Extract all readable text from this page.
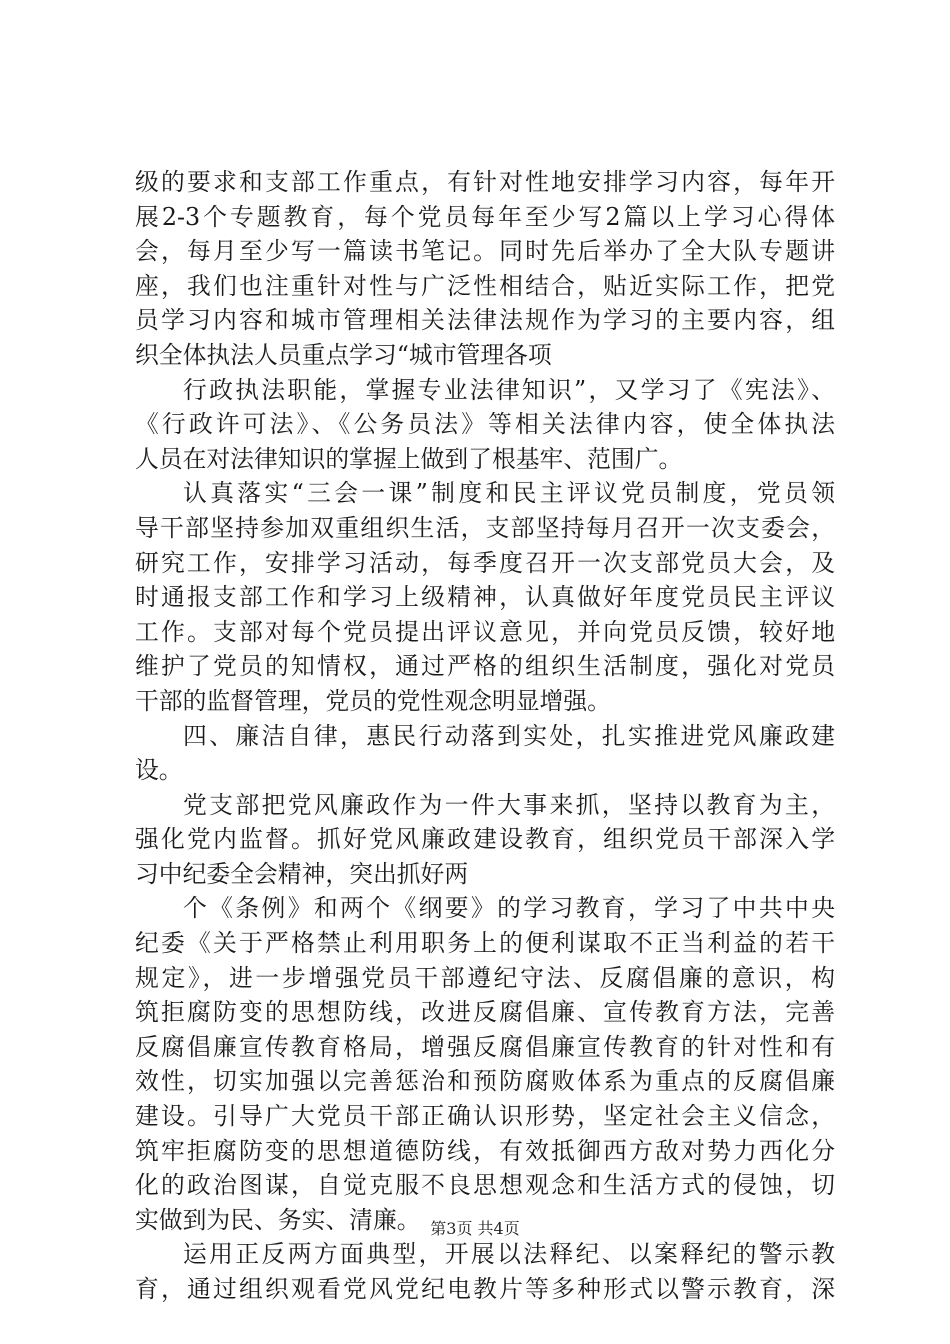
级的要求和支部工作重点，有针对性地安排学习内容，每年开
展2-3个专题教育，每个党员每年至少写2篇以上学习心得体
会，每月至少写一篇读书笔记。同时先后举办了全大队专题讲
座，我们也注重针对性与广泛性相结合，贴近实际工作，把党
员学习内容和城市管理相关法律法规作为学习的主要内容，组
织全体执法人员重点学习“城市管理各项
行政执法职能，掌握专业法律知识”，又学习了《宪法》、
《行政许可法》、《公务员法》等相关法律内容，使全体执法
人员在对法律知识的掌握上做到了根基牢、范围广。
认真落实“三会一课”制度和民主评议党员制度，党员领
导干部坚持参加双重组织生活，支部坚持每月召开一次支委会，
研究工作，安排学习活动，每季度召开一次支部党员大会，及
时通报支部工作和学习上级精神，认真做好年度党员民主评议
工作。支部对每个党员提出评议意见，并向党员反馈，较好地
维护了党员的知情权，通过严格的组织生活制度，强化对党员
干部的监督管理，党员的党性观念明显增强。
四、廉洁自律，惠民行动落到实处，扎实推进党风廉政建
设。
党支部把党风廉政作为一件大事来抓，坚持以教育为主，
强化党内监督。抓好党风廉政建设教育，组织党员干部深入学
习中纪委全会精神，突出抓好两
个《条例》和两个《纲要》的学习教育，学习了中共中央
纪委《关于严格禁止利用职务上的便利谋取不正当利益的若干
规定》，进一步增强党员干部遵纪守法、反腐倡廉的意识，构
筑拒腐防变的思想防线，改进反腐倡廉、宣传教育方法，完善
反腐倡廉宣传教育格局，增强反腐倡廉宣传教育的针对性和有
效性，切实加强以完善惩治和预防腐败体系为重点的反腐倡廉
建设。引导广大党员干部正确认识形势，坚定社会主义信念，
筑牢拒腐防变的思想道德防线，有效抵御西方敌对势力西化分
化的政治图谋，自觉克服不良思想观念和生活方式的侵蚀，切
实做到为民、务实、清廉。
运用正反两方面典型，开展以法释纪、以案释纪的警示教
育，通过组织观看党风党纪电教片等多种形式以警示教育，深
第3页 共4页
